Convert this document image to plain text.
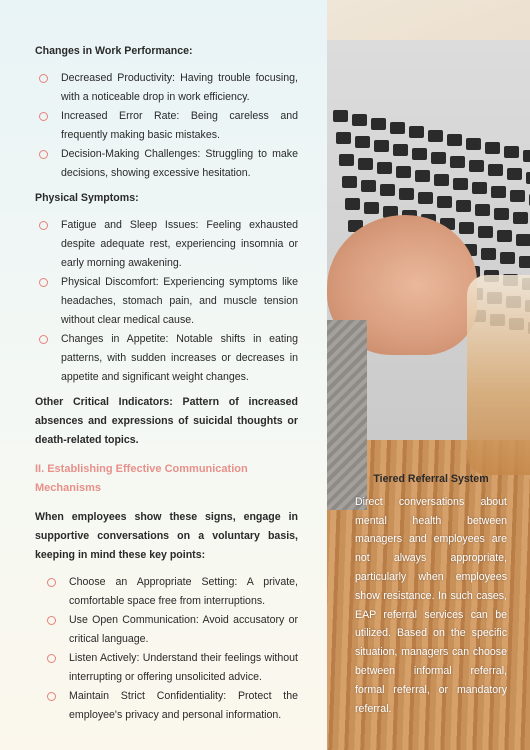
Changes in Work Performance:
Decreased Productivity: Having trouble focusing, with a noticeable drop in work efficiency.
Increased Error Rate: Being careless and frequently making basic mistakes.
Decision-Making Challenges: Struggling to make decisions, showing excessive hesitation.
Physical Symptoms:
Fatigue and Sleep Issues: Feeling exhausted despite adequate rest, experiencing insomnia or early morning awakening.
Physical Discomfort: Experiencing symptoms like headaches, stomach pain, and muscle tension without clear medical cause.
Changes in Appetite: Notable shifts in eating patterns, with sudden increases or decreases in appetite and significant weight changes.
Other Critical Indicators: Pattern of increased absences and expressions of suicidal thoughts or death-related topics.
II. Establishing Effective Communication Mechanisms
When employees show these signs, engage in supportive conversations on a voluntary basis, keeping in mind these key points:
Choose an Appropriate Setting: A private, comfortable space free from interruptions.
Use Open Communication: Avoid accusatory or critical language.
Listen Actively: Understand their feelings without interrupting or offering unsolicited advice.
Maintain Strict Confidentiality: Protect the employee's privacy and personal information.
Tiered Referral System
Direct conversations about mental health between managers and employees are not always appropriate, particularly when employees show resistance. In such cases, EAP referral services can be utilized. Based on the specific situation, managers can choose between informal referral, formal referral, or mandatory referral.
